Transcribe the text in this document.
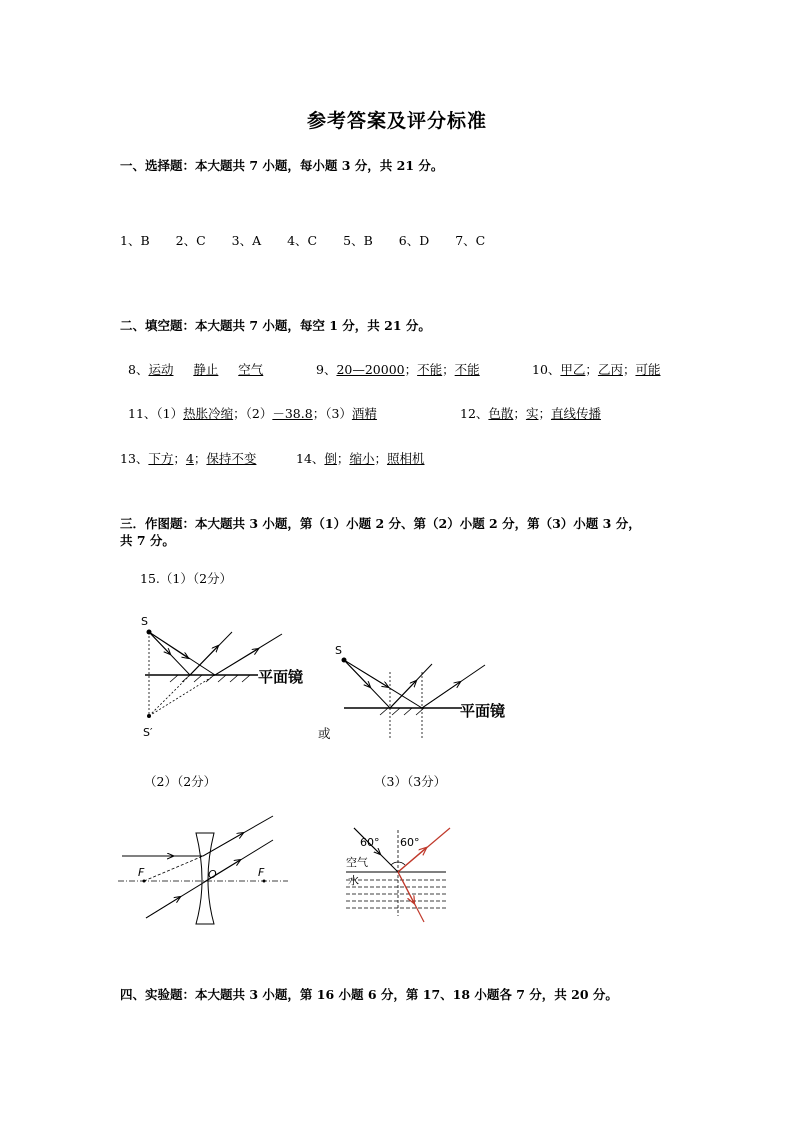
参考答案及评分标准
一、选择题：本大题共 7 小题，每小题 3 分，共 21 分。
1、B 2、C 3、A 4、C 5、B 6、D 7、C
二、填空题：本大题共 7 小题，每空 1 分，共 21 分。
8、运动 静止 空气	9、20—20000；不能；不能	10、甲乙；乙丙；可能
11、（1）热胀冷缩；（2）－38.8；（3）酒精	12、色散；实；直线传播
13、下方；4；保持不变	14、倒；缩小；照相机
三．作图题：本大题共 3 小题，第（1）小题 2 分、第（2）小题 2 分，第（3）小题 3 分，
共 7 分。
15.（1）（2分）
S
S′
平面镜
或
S
平面镜
（2）（2分）	（3）（3分）
F	F
O
60° 60°
空气
水
四、实验题：本大题共 3 小题，第 16 小题 6 分，第 17、18 小题各 7 分，共 20 分。
